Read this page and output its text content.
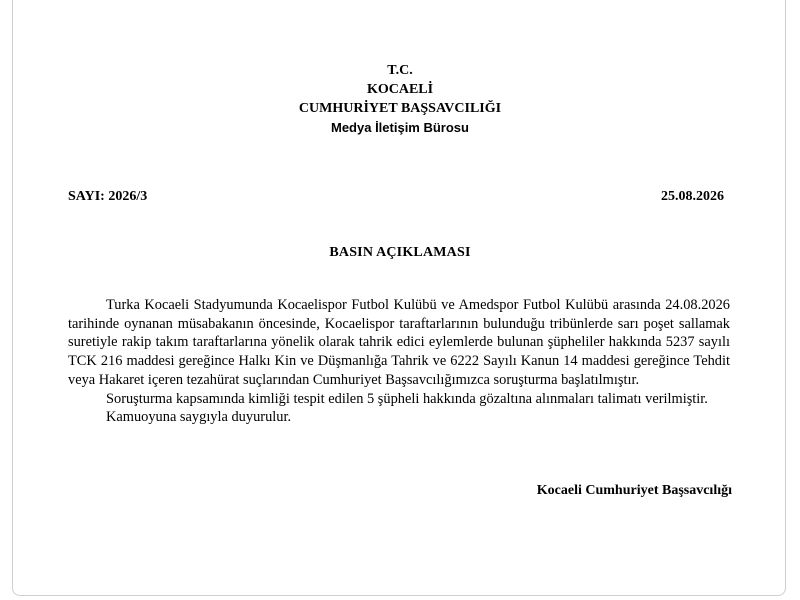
T.C.
KOCAELİ
CUMHURİYET BAŞSAVCILIĞI
Medya İletişim Bürosu
SAYI: 2026/3	25.08.2026
BASIN AÇIKLAMASI

Turka Kocaeli Stadyumunda Kocaelispor Futbol Kulübü ve Amedspor Futbol Kulübü arasında 24.08.2026 tarihinde oynanan müsabakanın öncesinde, Kocaelispor taraftarlarının bulunduğu tribünlerde sarı poşet sallamak suretiyle rakip takım taraftarlarına yönelik olarak tahrik edici eylemlerde bulunan şüpheliler hakkında 5237 sayılı TCK 216 maddesi gereğince Halkı Kin ve Düşmanlığa Tahrik ve 6222 Sayılı Kanun 14 maddesi gereğince Tehdit veya Hakaret içeren tezahürat suçlarından Cumhuriyet Başsavcılığımızca soruşturma başlatılmıştır.

Soruşturma kapsamında kimliği tespit edilen 5 şüpheli hakkında gözaltına alınmaları talimatı verilmiştir.

Kamuoyuna saygıyla duyurulur.

Kocaeli Cumhuriyet Başsavcılığı
